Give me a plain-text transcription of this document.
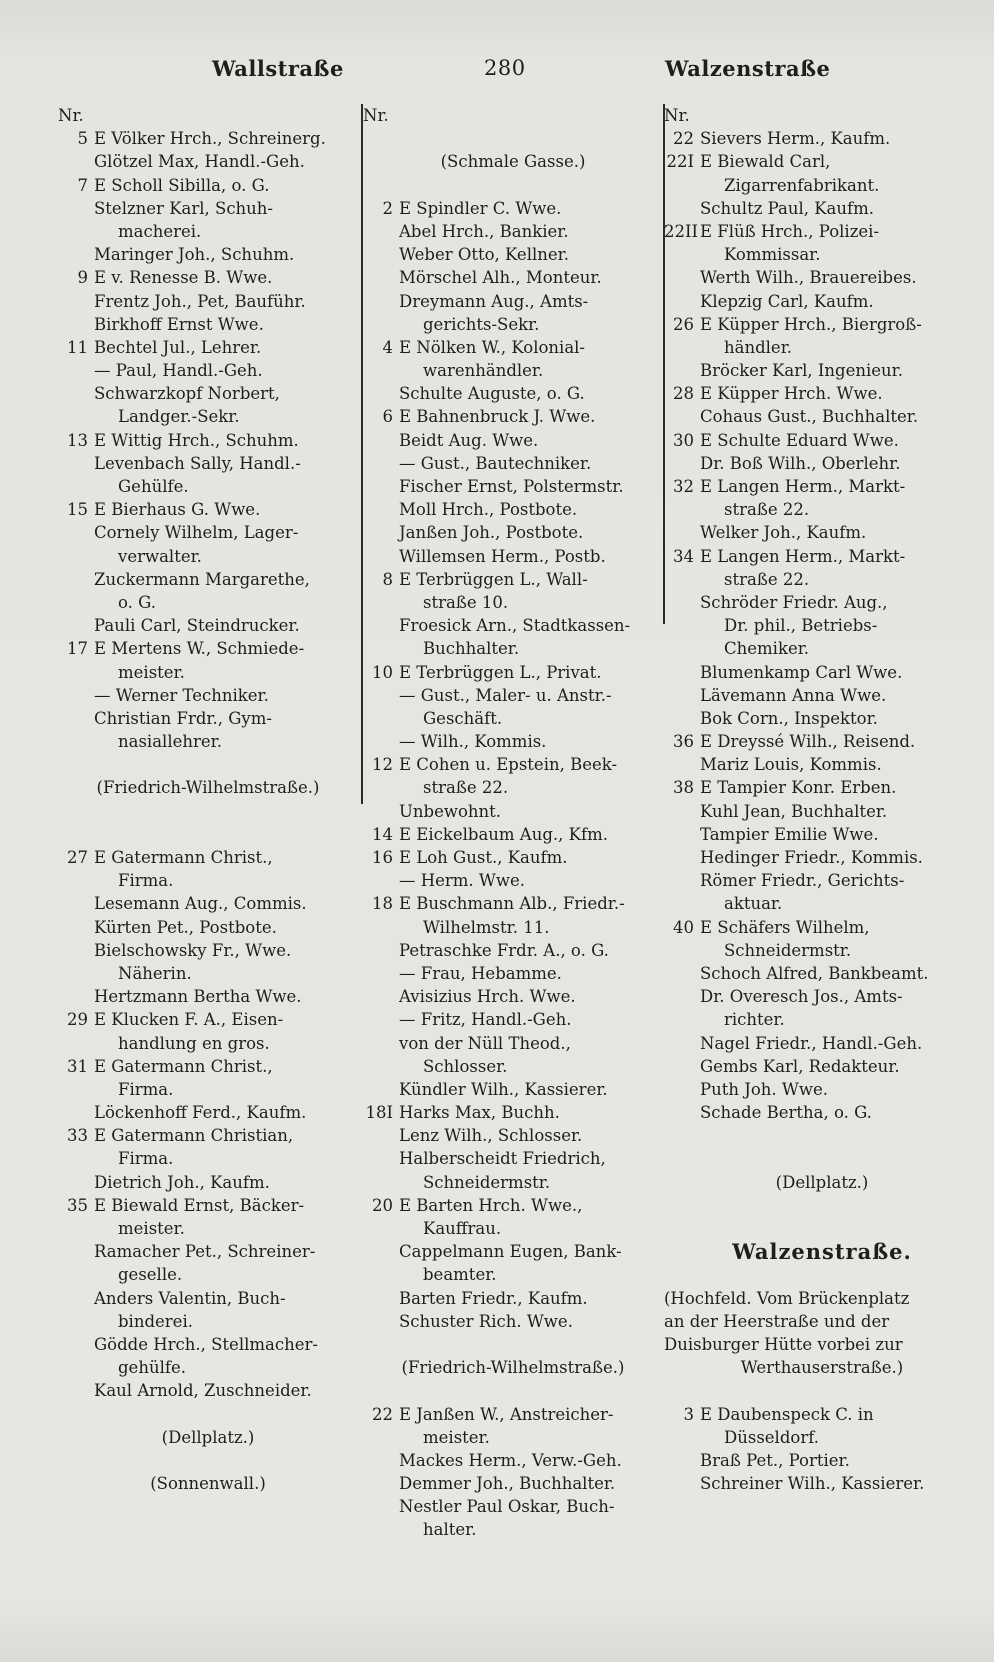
Wallstraße	280	Walzenstraße
Nr.
5 E Völker Hrch., Schreinerg.
Glötzel Max, Handl.-Geh.
7 E Scholl Sibilla, o. G.
Stelzner Karl, Schuh-
macherei.
Maringer Joh., Schuhm.
9 E v. Renesse B. Wwe.
Frentz Joh., Pet, Bauführ.
Birkhoff Ernst Wwe.
11 Bechtel Jul., Lehrer.
— Paul, Handl.-Geh.
Schwarzkopf Norbert,
Landger.-Sekr.
13 E Wittig Hrch., Schuhm.
Levenbach Sally, Handl.-
Gehülfe.
15 E Bierhaus G. Wwe.
Cornely Wilhelm, Lager-
verwalter.
Zuckermann Margarethe,
o. G.
Pauli Carl, Steindrucker.
17 E Mertens W., Schmiede-
meister.
— Werner Techniker.
Christian Frdr., Gym-
nasiallehrer.
(Friedrich-Wilhelmstraße.)
27 E Gatermann Christ.,
Firma.
Lesemann Aug., Commis.
Kürten Pet., Postbote.
Bielschowsky Fr., Wwe.
Näherin.
Hertzmann Bertha Wwe.
29 E Klucken F. A., Eisen-
handlung en gros.
31 E Gatermann Christ.,
Firma.
Löckenhoff Ferd., Kaufm.
33 E Gatermann Christian,
Firma.
Dietrich Joh., Kaufm.
35 E Biewald Ernst, Bäcker-
meister.
Ramacher Pet., Schreiner-
geselle.
Anders Valentin, Buch-
binderei.
Gödde Hrch., Stellmacher-
gehülfe.
Kaul Arnold, Zuschneider.
(Dellplatz.)
(Sonnenwall.)
Nr.
(Schmale Gasse.)
2 E Spindler C. Wwe.
Abel Hrch., Bankier.
Weber Otto, Kellner.
Mörschel Alh., Monteur.
Dreymann Aug., Amts-
gerichts-Sekr.
4 E Nölken W., Kolonial-
warenhändler.
Schulte Auguste, o. G.
6 E Bahnenbruck J. Wwe.
Beidt Aug. Wwe.
— Gust., Bautechniker.
Fischer Ernst, Polstermstr.
Moll Hrch., Postbote.
Janßen Joh., Postbote.
Willemsen Herm., Postb.
8 E Terbrüggen L., Wall-
straße 10.
Froesick Arn., Stadtkassen-
Buchhalter.
10 E Terbrüggen L., Privat.
— Gust., Maler- u. Anstr.-
Geschäft.
— Wilh., Kommis.
12 E Cohen u. Epstein, Beek-
straße 22.
Unbewohnt.
14 E Eickelbaum Aug., Kfm.
16 E Loh Gust., Kaufm.
— Herm. Wwe.
18 E Buschmann Alb., Friedr.-
Wilhelmstr. 11.
Petraschke Frdr. A., o. G.
— Frau, Hebamme.
Avisizius Hrch. Wwe.
— Fritz, Handl.-Geh.
von der Nüll Theod.,
Schlosser.
Kündler Wilh., Kassierer.
18I Harks Max, Buchh.
Lenz Wilh., Schlosser.
Halberscheidt Friedrich,
Schneidermstr.
20 E Barten Hrch. Wwe.,
Kauffrau.
Cappelmann Eugen, Bank-
beamter.
Barten Friedr., Kaufm.
Schuster Rich. Wwe.
(Friedrich-Wilhelmstraße.)
22 E Janßen W., Anstreicher-
meister.
Mackes Herm., Verw.-Geh.
Demmer Joh., Buchhalter.
Nestler Paul Oskar, Buch-
halter.
Nr.
22 Sievers Herm., Kaufm.
22I E Biewald Carl,
Zigarrenfabrikant.
Schultz Paul, Kaufm.
22II E Flüß Hrch., Polizei-
Kommissar.
Werth Wilh., Brauereibes.
Klepzig Carl, Kaufm.
26 E Küpper Hrch., Biergroß-
händler.
Bröcker Karl, Ingenieur.
28 E Küpper Hrch. Wwe.
Cohaus Gust., Buchhalter.
30 E Schulte Eduard Wwe.
Dr. Boß Wilh., Oberlehr.
32 E Langen Herm., Markt-
straße 22.
Welker Joh., Kaufm.
34 E Langen Herm., Markt-
straße 22.
Schröder Friedr. Aug.,
Dr. phil., Betriebs-
Chemiker.
Blumenkamp Carl Wwe.
Lävemann Anna Wwe.
Bok Corn., Inspektor.
36 E Dreyssé Wilh., Reisend.
Mariz Louis, Kommis.
38 E Tampier Konr. Erben.
Kuhl Jean, Buchhalter.
Tampier Emilie Wwe.
Hedinger Friedr., Kommis.
Römer Friedr., Gerichts-
aktuar.
40 E Schäfers Wilhelm,
Schneidermstr.
Schoch Alfred, Bankbeamt.
Dr. Overesch Jos., Amts-
richter.
Nagel Friedr., Handl.-Geh.
Gembs Karl, Redakteur.
Puth Joh. Wwe.
Schade Bertha, o. G.
(Dellplatz.)
Walzenstraße.
(Hochfeld. Vom Brückenplatz
an der Heerstraße und der
Duisburger Hütte vorbei zur
Werthauserstraße.)
3 E Daubenspeck C. in
Düsseldorf.
Braß Pet., Portier.
Schreiner Wilh., Kassierer.
